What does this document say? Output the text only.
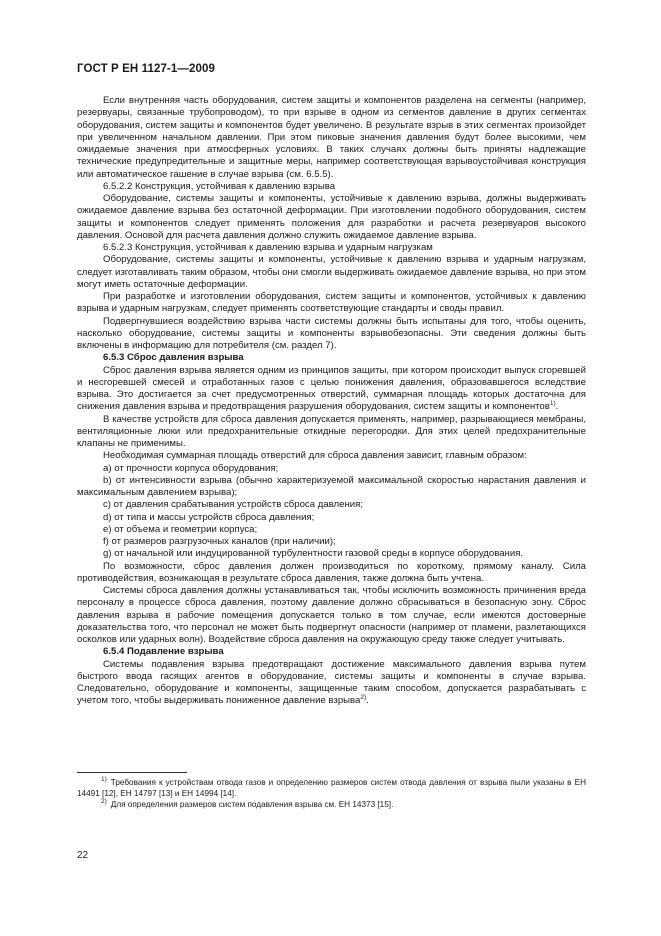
ГОСТ Р ЕН 1127-1—2009

Если внутренняя часть оборудования, систем защиты и компонентов разделена на сегменты (например, резервуары, связанные трубопроводом), то при взрыве в одном из сегментов давление в других сегментах оборудования, систем защиты и компонентов будет увеличено. В результате взрыв в этих сегментах произойдет при увеличенном начальном давлении. При этом пиковые значения давления будут более высокими, чем ожидаемые значения при атмосферных условиях. В таких случаях должны быть приняты надлежащие технические предупредительные и защитные меры, например соответствующая взрывоустойчивая конструкция или автоматическое гашение в случае взрыва (см. 6.5.5).

6.5.2.2 Конструкция, устойчивая к давлению взрыва

Оборудование, системы защиты и компоненты, устойчивые к давлению взрыва, должны выдерживать ожидаемое давление взрыва без остаточной деформации. При изготовлении подобного оборудования, систем защиты и компонентов следует применять положения для разработки и расчета резервуаров высокого давления. Основой для расчета давления должно служить ожидаемое давление взрыва.

6.5.2.3 Конструкция, устойчивая к давлению взрыва и ударным нагрузкам

Оборудование, системы защиты и компоненты, устойчивые к давлению взрыва и ударным нагрузкам, следует изготавливать таким образом, чтобы они смогли выдерживать ожидаемое давление взрыва, но при этом могут иметь остаточные деформации.

При разработке и изготовлении оборудования, систем защиты и компонентов, устойчивых к давлению взрыва и ударным нагрузкам, следует применять соответствующие стандарты и своды правил.

Подвергнувшиеся воздействию взрыва части системы должны быть испытаны для того, чтобы оценить, насколько оборудование, системы защиты и компоненты взрывобезопасны. Эти сведения должны быть включены в информацию для потребителя (см. раздел 7).

6.5.3 Сброс давления взрыва

Сброс давления взрыва является одним из принципов защиты, при котором происходит выпуск сгоревшей и несгоревшей смесей и отработанных газов с целью понижения давления, образовавшегося вследствие взрыва. Это достигается за счет предусмотренных отверстий, суммарная площадь которых достаточна для снижения давления взрыва и предотвращения разрушения оборудования, систем защиты и компонентов$^{1)}$.

В качестве устройств для сброса давления допускается применять, например, разрывающиеся мембраны, вентиляционные люки или предохранительные откидные перегородки. Для этих целей предохранительные клапаны не применимы.

Необходимая суммарная площадь отверстий для сброса давления зависит, главным образом:

a) от прочности корпуса оборудования;

b) от интенсивности взрыва (обычно характеризуемой максимальной скоростью нарастания давления и максимальным давлением взрыва);

c) от давления срабатывания устройств сброса давления;

d) от типа и массы устройств сброса давления;

e) от объема и геометрии корпуса;

f) от размеров разгрузочных каналов (при наличии);

g) от начальной или индуцированной турбулентности газовой среды в корпусе оборудования.

По возможности, сброс давления должен производиться по короткому, прямому каналу. Сила противодействия, возникающая в результате сброса давления, также должна быть учтена.

Системы сброса давления должны устанавливаться так, чтобы исключить возможность причинения вреда персоналу в процессе сброса давления, поэтому давление должно сбрасываться в безопасную зону. Сброс давления взрыва в рабочие помещения допускается только в том случае, если имеются достоверные доказательства того, что персонал не может быть подвергнут опасности (например от пламени, разлетающихся осколков или ударных волн). Воздействие сброса давления на окружающую среду также следует учитывать.

6.5.4 Подавление взрыва

Системы подавления взрыва предотвращают достижение максимального давления взрыва путем быстрого ввода гасящих агентов в оборудование, системы защиты и компоненты в случае взрыва. Следовательно, оборудование и компоненты, защищенные таким способом, допускается разрабатывать с учетом того, чтобы выдерживать пониженное давление взрыва$^{2)}$.

$^{1)}$ Требования к устройствам отвода газов и определению размеров систем отвода давления от взрыва пыли указаны в ЕН 14491 [12], ЕН 14797 [13] и ЕН 14994 [14].

$^{2)}$ Для определения размеров систем подавления взрыва см. ЕН 14373 [15].

22
